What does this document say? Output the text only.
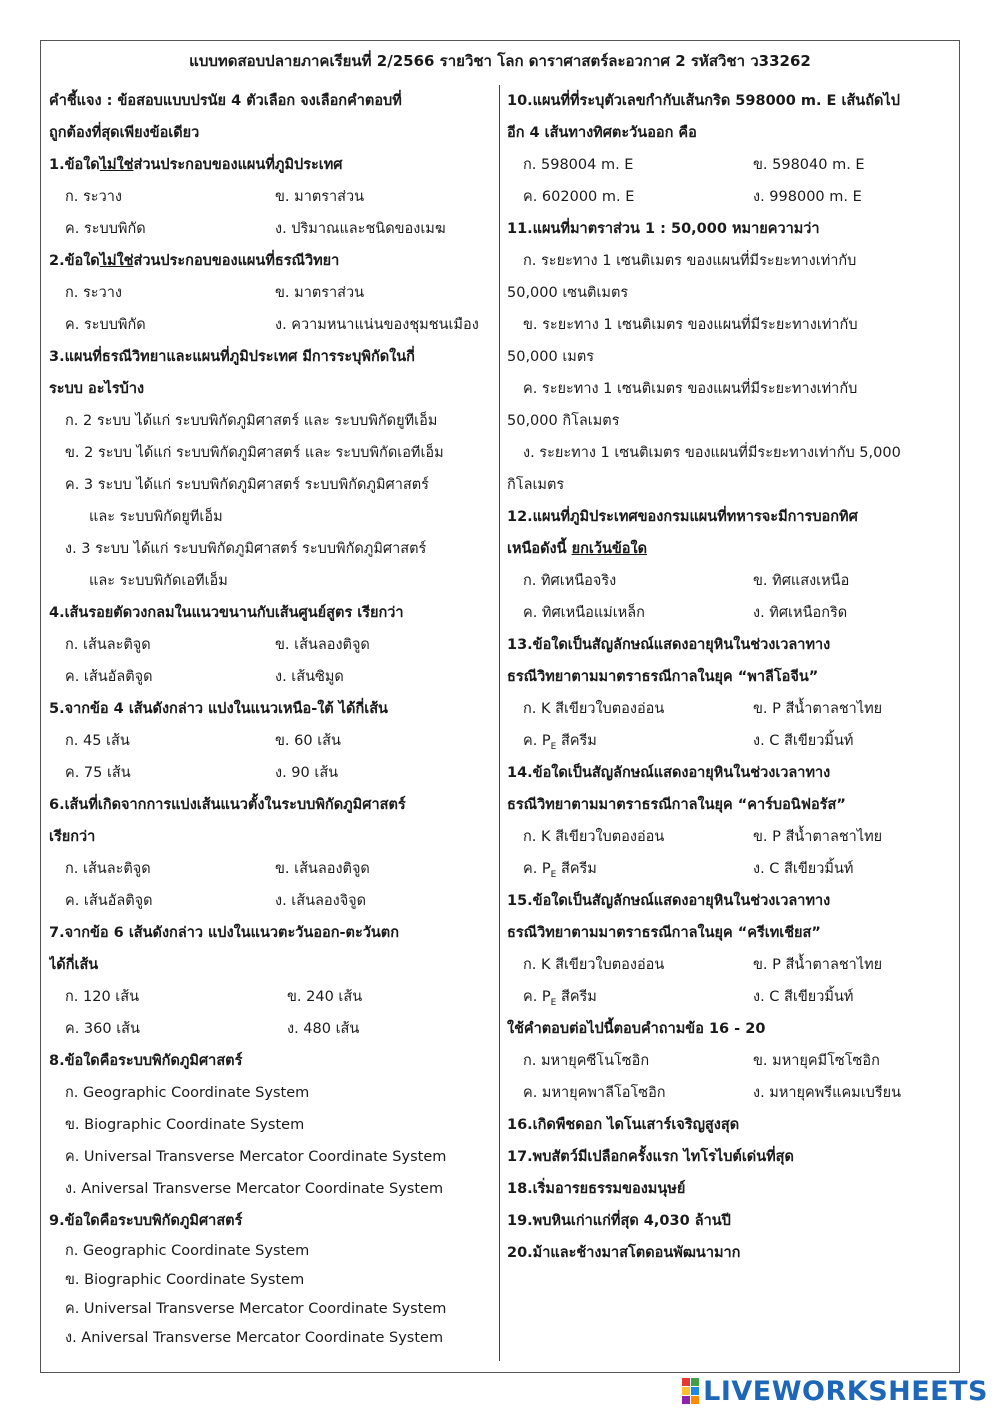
แบบทดสอบปลายภาคเรียนที่ 2/2566 รายวิชา โลก ดาราศาสตร์ละอวกาศ 2 รหัสวิชา ว33262
คำชี้แจง : ข้อสอบแบบปรนัย 4 ตัวเลือก จงเลือกคำตอบที่
ถูกต้องที่สุดเพียงข้อเดียว
1.ข้อใดไม่ใช่ส่วนประกอบของแผนที่ภูมิประเทศ
ก. ระวาง	ข. มาตราส่วน
ค. ระบบพิกัด	ง. ปริมาณและชนิดของเมฆ
2.ข้อใดไม่ใช่ส่วนประกอบของแผนที่ธรณีวิทยา
ก. ระวาง	ข. มาตราส่วน
ค. ระบบพิกัด	ง. ความหนาแน่นของชุมชนเมือง
3.แผนที่ธรณีวิทยาและแผนที่ภูมิประเทศ มีการระบุพิกัดในกี่
ระบบ อะไรบ้าง
ก. 2 ระบบ ได้แก่ ระบบพิกัดภูมิศาสตร์ และ ระบบพิกัดยูทีเอ็ม
ข. 2 ระบบ ได้แก่ ระบบพิกัดภูมิศาสตร์ และ ระบบพิกัดเอทีเอ็ม
ค. 3 ระบบ ได้แก่ ระบบพิกัดภูมิศาสตร์ ระบบพิกัดภูมิศาสตร์
และ ระบบพิกัดยูทีเอ็ม
ง. 3 ระบบ ได้แก่ ระบบพิกัดภูมิศาสตร์ ระบบพิกัดภูมิศาสตร์
และ ระบบพิกัดเอทีเอ็ม
4.เส้นรอยตัดวงกลมในแนวขนานกับเส้นศูนย์สูตร เรียกว่า
ก. เส้นละติจูด	ข. เส้นลองติจูด
ค. เส้นอัลติจูด	ง. เส้นซิมูด
5.จากข้อ 4 เส้นดังกล่าว แบ่งในแนวเหนือ-ใต้ ได้กี่เส้น
ก. 45 เส้น	ข. 60 เส้น
ค. 75 เส้น	ง. 90 เส้น
6.เส้นที่เกิดจากการแบ่งเส้นแนวตั้งในระบบพิกัดภูมิศาสตร์
เรียกว่า
ก. เส้นละติจูด	ข. เส้นลองติจูด
ค. เส้นอัลติจูด	ง. เส้นลองจิจูด
7.จากข้อ 6 เส้นดังกล่าว แบ่งในแนวตะวันออก-ตะวันตก
ได้กี่เส้น
ก. 120 เส้น	ข. 240 เส้น
ค. 360 เส้น	ง. 480 เส้น
8.ข้อใดคือระบบพิกัดภูมิศาสตร์
ก. Geographic Coordinate System
ข. Biographic Coordinate System
ค. Universal Transverse Mercator Coordinate System
ง. Aniversal Transverse Mercator Coordinate System
9.ข้อใดคือระบบพิกัดภูมิศาสตร์
ก. Geographic Coordinate System
ข. Biographic Coordinate System
ค. Universal Transverse Mercator Coordinate System
ง. Aniversal Transverse Mercator Coordinate System
10.แผนที่ที่ระบุตัวเลขกำกับเส้นกริด 598000 m. E เส้นถัดไป
อีก 4 เส้นทางทิศตะวันออก คือ
ก. 598004 m. E	ข. 598040 m. E
ค. 602000 m. E	ง. 998000 m. E
11.แผนที่มาตราส่วน 1 : 50,000 หมายความว่า
ก. ระยะทาง 1 เซนติเมตร ของแผนที่มีระยะทางเท่ากับ
50,000 เซนติเมตร
ข. ระยะทาง 1 เซนติเมตร ของแผนที่มีระยะทางเท่ากับ
50,000 เมตร
ค. ระยะทาง 1 เซนติเมตร ของแผนที่มีระยะทางเท่ากับ
50,000 กิโลเมตร
ง. ระยะทาง 1 เซนติเมตร ของแผนที่มีระยะทางเท่ากับ 5,000
กิโลเมตร
12.แผนที่ภูมิประเทศของกรมแผนที่ทหารจะมีการบอกทิศ
เหนือดังนี้ ยกเว้นข้อใด
ก. ทิศเหนือจริง	ข. ทิศแสงเหนือ
ค. ทิศเหนือแม่เหล็ก	ง. ทิศเหนือกริด
13.ข้อใดเป็นสัญลักษณ์แสดงอายุหินในช่วงเวลาทาง
ธรณีวิทยาตามมาตราธรณีกาลในยุค “พาลีโอจีน”
ก. K สีเขียวใบตองอ่อน	ข. P สีน้ำตาลชาไทย
ค. $P_E$ สีครีม	ง. C สีเขียวมิ้นท์
14.ข้อใดเป็นสัญลักษณ์แสดงอายุหินในช่วงเวลาทาง
ธรณีวิทยาตามมาตราธรณีกาลในยุค “คาร์บอนิฟอรัส”
ก. K สีเขียวใบตองอ่อน	ข. P สีน้ำตาลชาไทย
ค. $P_E$ สีครีม	ง. C สีเขียวมิ้นท์
15.ข้อใดเป็นสัญลักษณ์แสดงอายุหินในช่วงเวลาทาง
ธรณีวิทยาตามมาตราธรณีกาลในยุค “ครีเทเชียส”
ก. K สีเขียวใบตองอ่อน	ข. P สีน้ำตาลชาไทย
ค. $P_E$ สีครีม	ง. C สีเขียวมิ้นท์
ใช้คำตอบต่อไปนี้ตอบคำถามข้อ 16 - 20
ก. มหายุคซีโนโซอิก	ข. มหายุคมีโซโซอิก
ค. มหายุคพาลีโอโซอิก	ง. มหายุคพรีแคมเบรียน
16.เกิดพืชดอก ไดโนเสาร์เจริญสูงสุด
17.พบสัตว์มีเปลือกครั้งแรก ไทโรไบต์เด่นที่สุด
18.เริ่มอารยธรรมของมนุษย์
19.พบหินเก่าแก่ที่สุด 4,030 ล้านปี
20.ม้าและช้างมาสโตดอนพัฒนามาก
LIVEWORKSHEETS
